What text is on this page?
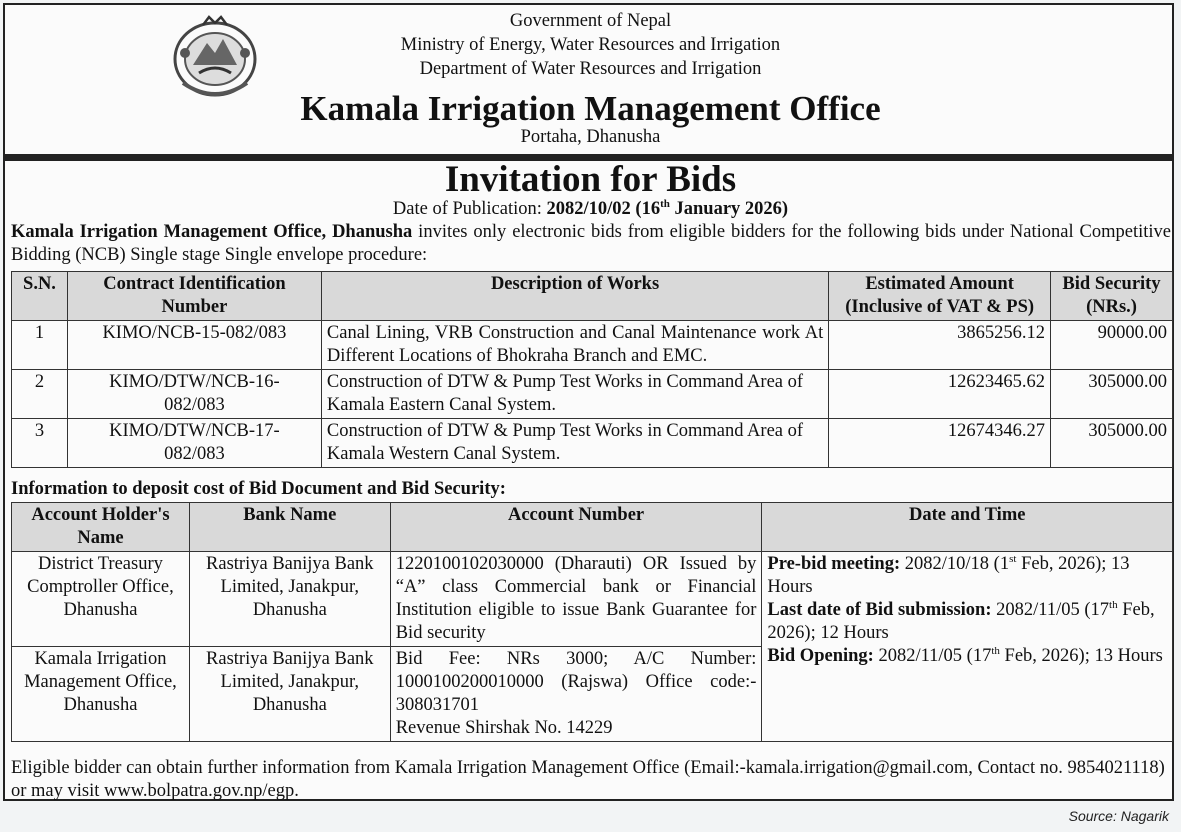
Government of Nepal
Ministry of Energy, Water Resources and Irrigation
Department of Water Resources and Irrigation
Kamala Irrigation Management Office
Portaha, Dhanusha
Invitation for Bids
Date of Publication: 2082/10/02 (16th January 2026)
Kamala Irrigation Management Office, Dhanusha invites only electronic bids from eligible bidders for the following bids under National Competitive Bidding (NCB) Single stage Single envelope procedure:
S.N.	Contract Identification Number	Description of Works	Estimated Amount (Inclusive of VAT & PS)	Bid Security (NRs.)
1	KIMO/NCB-15-082/083	Canal Lining, VRB Construction and Canal Maintenance work At Different Locations of Bhokraha Branch and EMC.	3865256.12	90000.00
2	KIMO/DTW/NCB-16-082/083	Construction of DTW & Pump Test Works in Command Area of Kamala Eastern Canal System.	12623465.62	305000.00
3	KIMO/DTW/NCB-17-082/083	Construction of DTW & Pump Test Works in Command Area of Kamala Western Canal System.	12674346.27	305000.00
Information to deposit cost of Bid Document and Bid Security:
Account Holder's Name	Bank Name	Account Number	Date and Time
District Treasury Comptroller Office, Dhanusha	Rastriya Banijya Bank Limited, Janakpur, Dhanusha	1220100102030000 (Dharauti) OR Issued by “A” class Commercial bank or Financial Institution eligible to issue Bank Guarantee for Bid security	Pre-bid meeting: 2082/10/18 (1st Feb, 2026); 13 Hours
Last date of Bid submission: 2082/11/05 (17th Feb, 2026); 12 Hours
Bid Opening: 2082/11/05 (17th Feb, 2026); 13 Hours

Kamala Irrigation Management Office, Dhanusha	Rastriya Banijya Bank Limited, Janakpur, Dhanusha	Bid Fee: NRs 3000; A/C Number: 1000100200010000 (Rajswa) Office code:- 308031701
Revenue Shirshak No. 14229	
Eligible bidder can obtain further information from Kamala Irrigation Management Office (Email:-kamala.irrigation@gmail.com, Contact no. 9854021118) or may visit www.bolpatra.gov.np/egp.
Source: Nagarik
